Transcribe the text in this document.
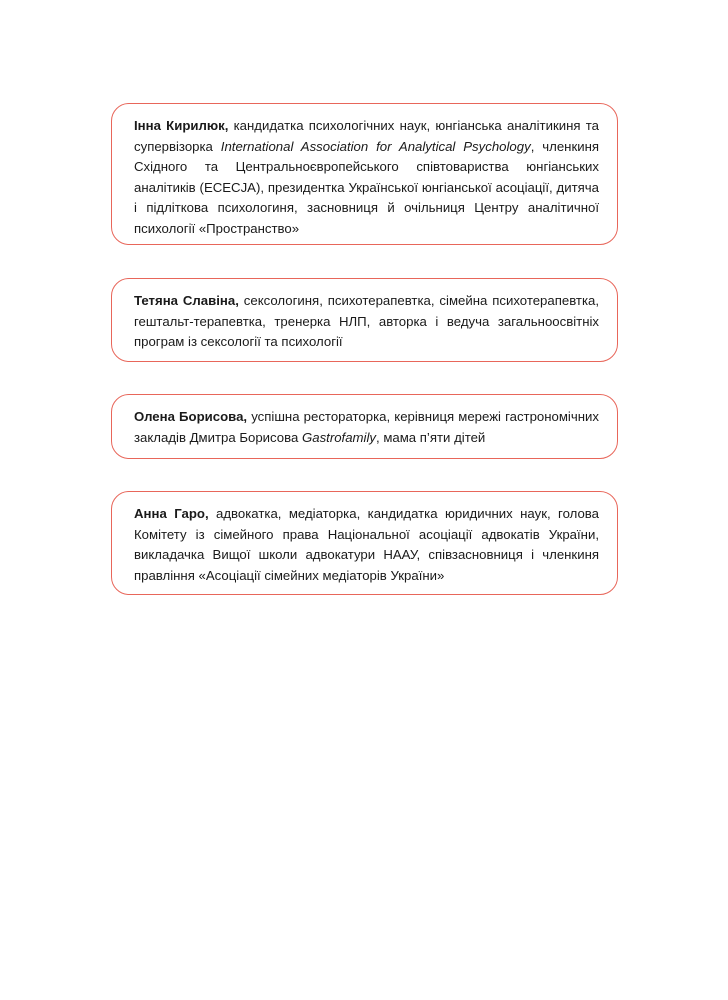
Інна Кирилюк, кандидатка психологічних наук, юнгіанська аналітикиня та супервізорка International Association for Analytical Psychology, членкиня Східного та Центральноєвропейського співтовариства юнгіанських аналітиків (ECECJA), президентка Української юнгіанської асоціації, дитяча і підліткова психологиня, засновниця й очільниця Центру аналітичної психології «Пространство»
Тетяна Славіна, сексологиня, психотерапевтка, сімейна психотерапевтка, гештальт-терапевтка, тренерка НЛП, авторка і ведуча загальноосвітніх програм із сексології та психології
Олена Борисова, успішна рестораторка, керівниця мережі гастрономічних закладів Дмитра Борисова Gastrofamily, мама п’яти дітей
Анна Гаро, адвокатка, медіаторка, кандидатка юридичних наук, голова Комітету із сімейного права Національної асоціації адвокатів України, викладачка Вищої школи адвокатури НААУ, співзасновниця і членкиня правління «Асоціації сімейних медіаторів України»
